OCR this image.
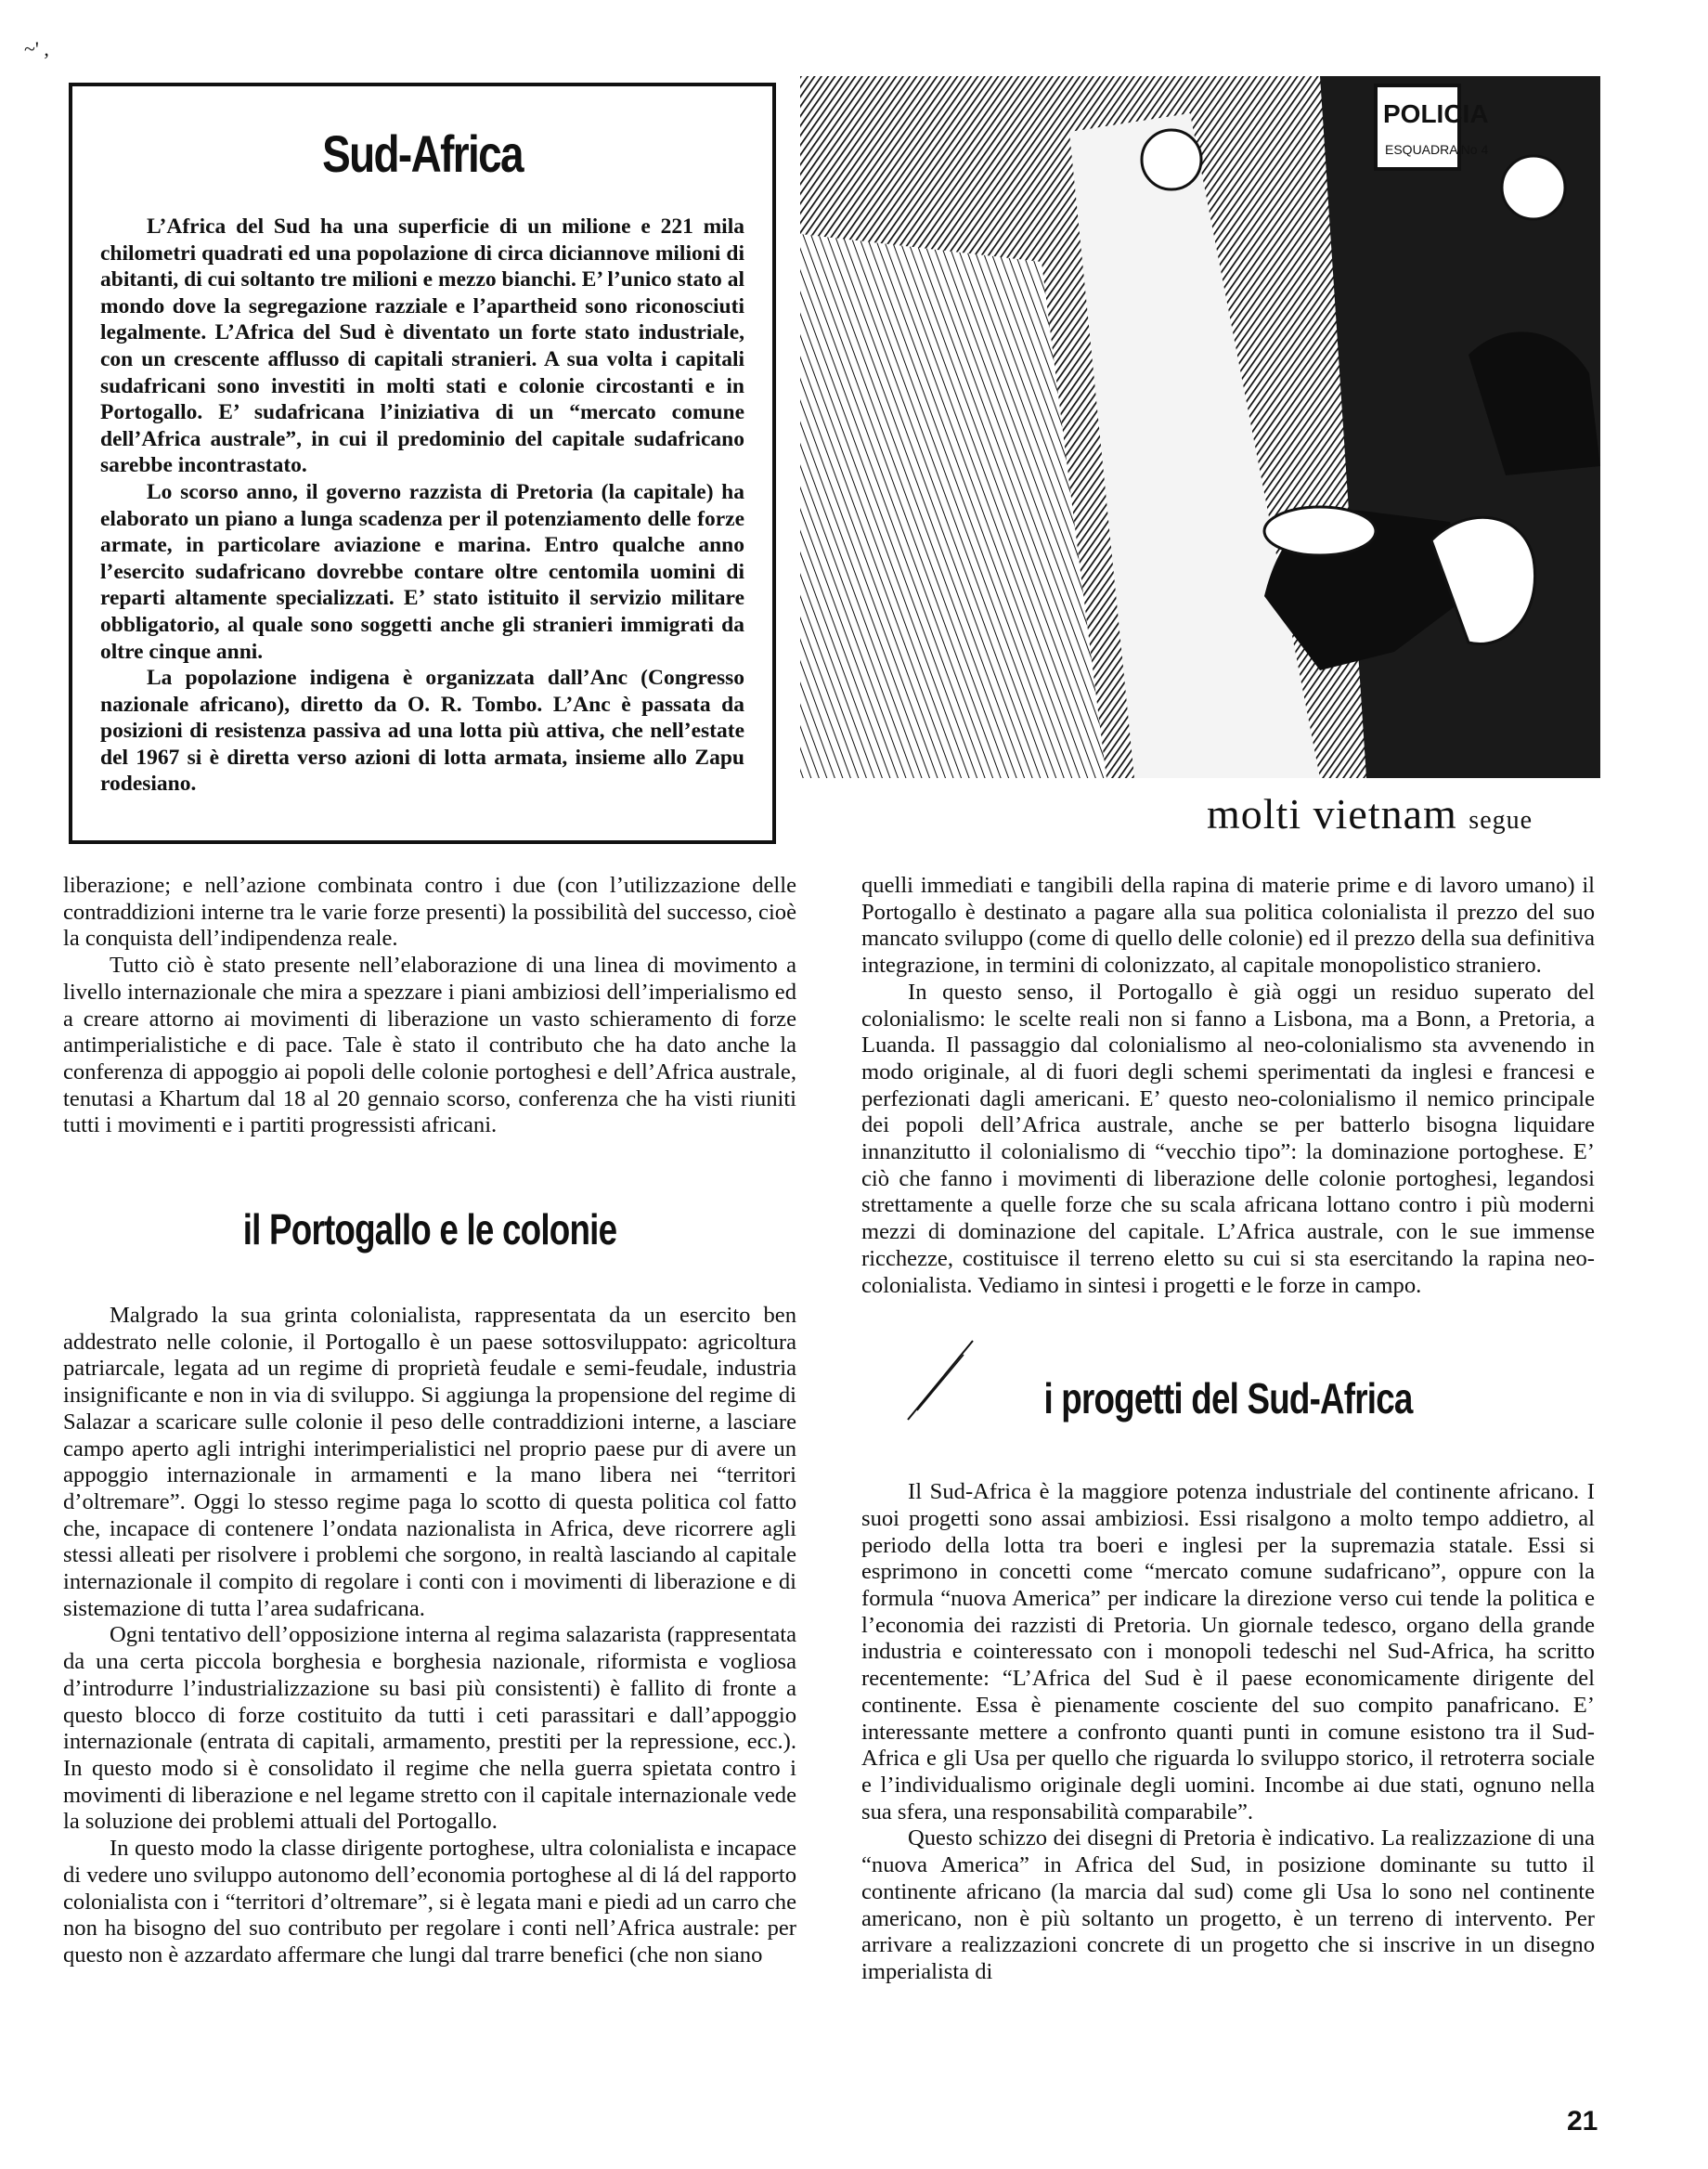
~' ,
Sud-Africa

L’Africa del Sud ha una superficie di un milione e 221 mila chilometri quadrati ed una popolazione di circa diciannove milioni di abitanti, di cui soltanto tre milioni e mezzo bianchi. E’ l’unico stato al mondo dove la segregazione razziale e l’apartheid sono riconosciuti legalmente. L’Africa del Sud è diventato un forte stato industriale, con un crescente afflusso di capitali stranieri. A sua volta i capitali sudafricani sono investiti in molti stati e colonie circostanti e in Portogallo. E’ sudafricana l’iniziativa di un “mercato comune dell’Africa australe”, in cui il predominio del capitale sudafricano sarebbe incontrastato.

Lo scorso anno, il governo razzista di Pretoria (la capitale) ha elaborato un piano a lunga scadenza per il potenziamento delle forze armate, in particolare aviazione e marina. Entro qualche anno l’esercito sudafricano dovrebbe contare oltre centomila uomini di reparti altamente specializzati. E’ stato istituito il servizio militare obbligatorio, al quale sono soggetti anche gli stranieri immigrati da oltre cinque anni.

La popolazione indigena è organizzata dall’Anc (Congresso nazionale africano), diretto da O. R. Tombo. L’Anc è passata da posizioni di resistenza passiva ad una lotta più attiva, che nell’estate del 1967 si è diretta verso azioni di lotta armata, insieme allo Zapu rodesiano.

POLICIA
ESQUADRA No 4
molti vietnam segue

liberazione; e nell’azione combinata contro i due (con l’utilizzazione delle contraddizioni interne tra le varie forze presenti) la possibilità del successo, cioè la conquista dell’indipendenza reale.

Tutto ciò è stato presente nell’elaborazione di una linea di movimento a livello internazionale che mira a spezzare i piani ambiziosi dell’imperialismo ed a creare attorno ai movimenti di liberazione un vasto schieramento di forze antimperialistiche e di pace. Tale è stato il contributo che ha dato anche la conferenza di appoggio ai popoli delle colonie portoghesi e dell’Africa australe, tenutasi a Khartum dal 18 al 20 gennaio scorso, conferenza che ha visti riuniti tutti i movimenti e i partiti progressisti africani.

il Portogallo e le colonie

Malgrado la sua grinta colonialista, rappresentata da un esercito ben addestrato nelle colonie, il Portogallo è un paese sottosviluppato: agricoltura patriarcale, legata ad un regime di proprietà feudale e semi-feudale, industria insignificante e non in via di sviluppo. Si aggiunga la propensione del regime di Salazar a scaricare sulle colonie il peso delle contraddizioni interne, a lasciare campo aperto agli intrighi interimperialistici nel proprio paese pur di avere un appoggio internazionale in armamenti e la mano libera nei “territori d’oltremare”. Oggi lo stesso regime paga lo scotto di questa politica col fatto che, incapace di contenere l’ondata nazionalista in Africa, deve ricorrere agli stessi alleati per risolvere i problemi che sorgono, in realtà lasciando al capitale internazionale il compito di regolare i conti con i movimenti di liberazione e di sistemazione di tutta l’area sudafricana.

Ogni tentativo dell’opposizione interna al regima salazarista (rappresentata da una certa piccola borghesia e borghesia nazionale, riformista e vogliosa d’introdurre l’industrializzazione su basi più consistenti) è fallito di fronte a questo blocco di forze costituito da tutti i ceti parassitari e dall’appoggio internazionale (entrata di capitali, armamento, prestiti per la repressione, ecc.). In questo modo si è consolidato il regime che nella guerra spietata contro i movimenti di liberazione e nel legame stretto con il capitale internazionale vede la soluzione dei problemi attuali del Portogallo.

In questo modo la classe dirigente portoghese, ultra colonialista e incapace di vedere uno sviluppo autonomo dell’economia portoghese al di lá del rapporto colonialista con i “territori d’oltremare”, si è legata mani e piedi ad un carro che non ha bisogno del suo contributo per regolare i conti nell’Africa australe: per questo non è azzardato affermare che lungi dal trarre benefici (che non siano

quelli immediati e tangibili della rapina di materie prime e di lavoro umano) il Portogallo è destinato a pagare alla sua politica colonialista il prezzo del suo mancato sviluppo (come di quello delle colonie) ed il prezzo della sua definitiva integrazione, in termini di colonizzato, al capitale monopolistico straniero.

In questo senso, il Portogallo è già oggi un residuo superato del colonialismo: le scelte reali non si fanno a Lisbona, ma a Bonn, a Pretoria, a Luanda. Il passaggio dal colonialismo al neo-colonialismo sta avvenendo in modo originale, al di fuori degli schemi sperimentati da inglesi e francesi e perfezionati dagli americani. E’ questo neo-colonialismo il nemico principale dei popoli dell’Africa australe, anche se per batterlo bisogna liquidare innanzitutto il colonialismo di “vecchio tipo”: la dominazione portoghese. E’ ciò che fanno i movimenti di liberazione delle colonie portoghesi, legandosi strettamente a quelle forze che su scala africana lottano contro i più moderni mezzi di dominazione del capitale. L’Africa australe, con le sue immense ricchezze, costituisce il terreno eletto su cui si sta esercitando la rapina neo-colonialista. Vediamo in sintesi i progetti e le forze in campo.

i progetti del Sud-Africa

Il Sud-Africa è la maggiore potenza industriale del continente africano. I suoi progetti sono assai ambiziosi. Essi risalgono a molto tempo addietro, al periodo della lotta tra boeri e inglesi per la supremazia statale. Essi si esprimono in concetti come “mercato comune sudafricano”, oppure con la formula “nuova America” per indicare la direzione verso cui tende la politica e l’economia dei razzisti di Pretoria. Un giornale tedesco, organo della grande industria e cointeressato con i monopoli tedeschi nel Sud-Africa, ha scritto recentemente: “L’Africa del Sud è il paese economicamente dirigente del continente. Essa è pienamente cosciente del suo compito panafricano. E’ interessante mettere a confronto quanti punti in comune esistono tra il Sud-Africa e gli Usa per quello che riguarda lo sviluppo storico, il retroterra sociale e l’individualismo originale degli uomini. Incombe ai due stati, ognuno nella sua sfera, una responsabilità comparabile”.

Questo schizzo dei disegni di Pretoria è indicativo. La realizzazione di una “nuova America” in Africa del Sud, in posizione dominante su tutto il continente africano (la marcia dal sud) come gli Usa lo sono nel continente americano, non è più soltanto un progetto, è un terreno di intervento. Per arrivare a realizzazioni concrete di un progetto che si inscrive in un disegno imperialista di

21
